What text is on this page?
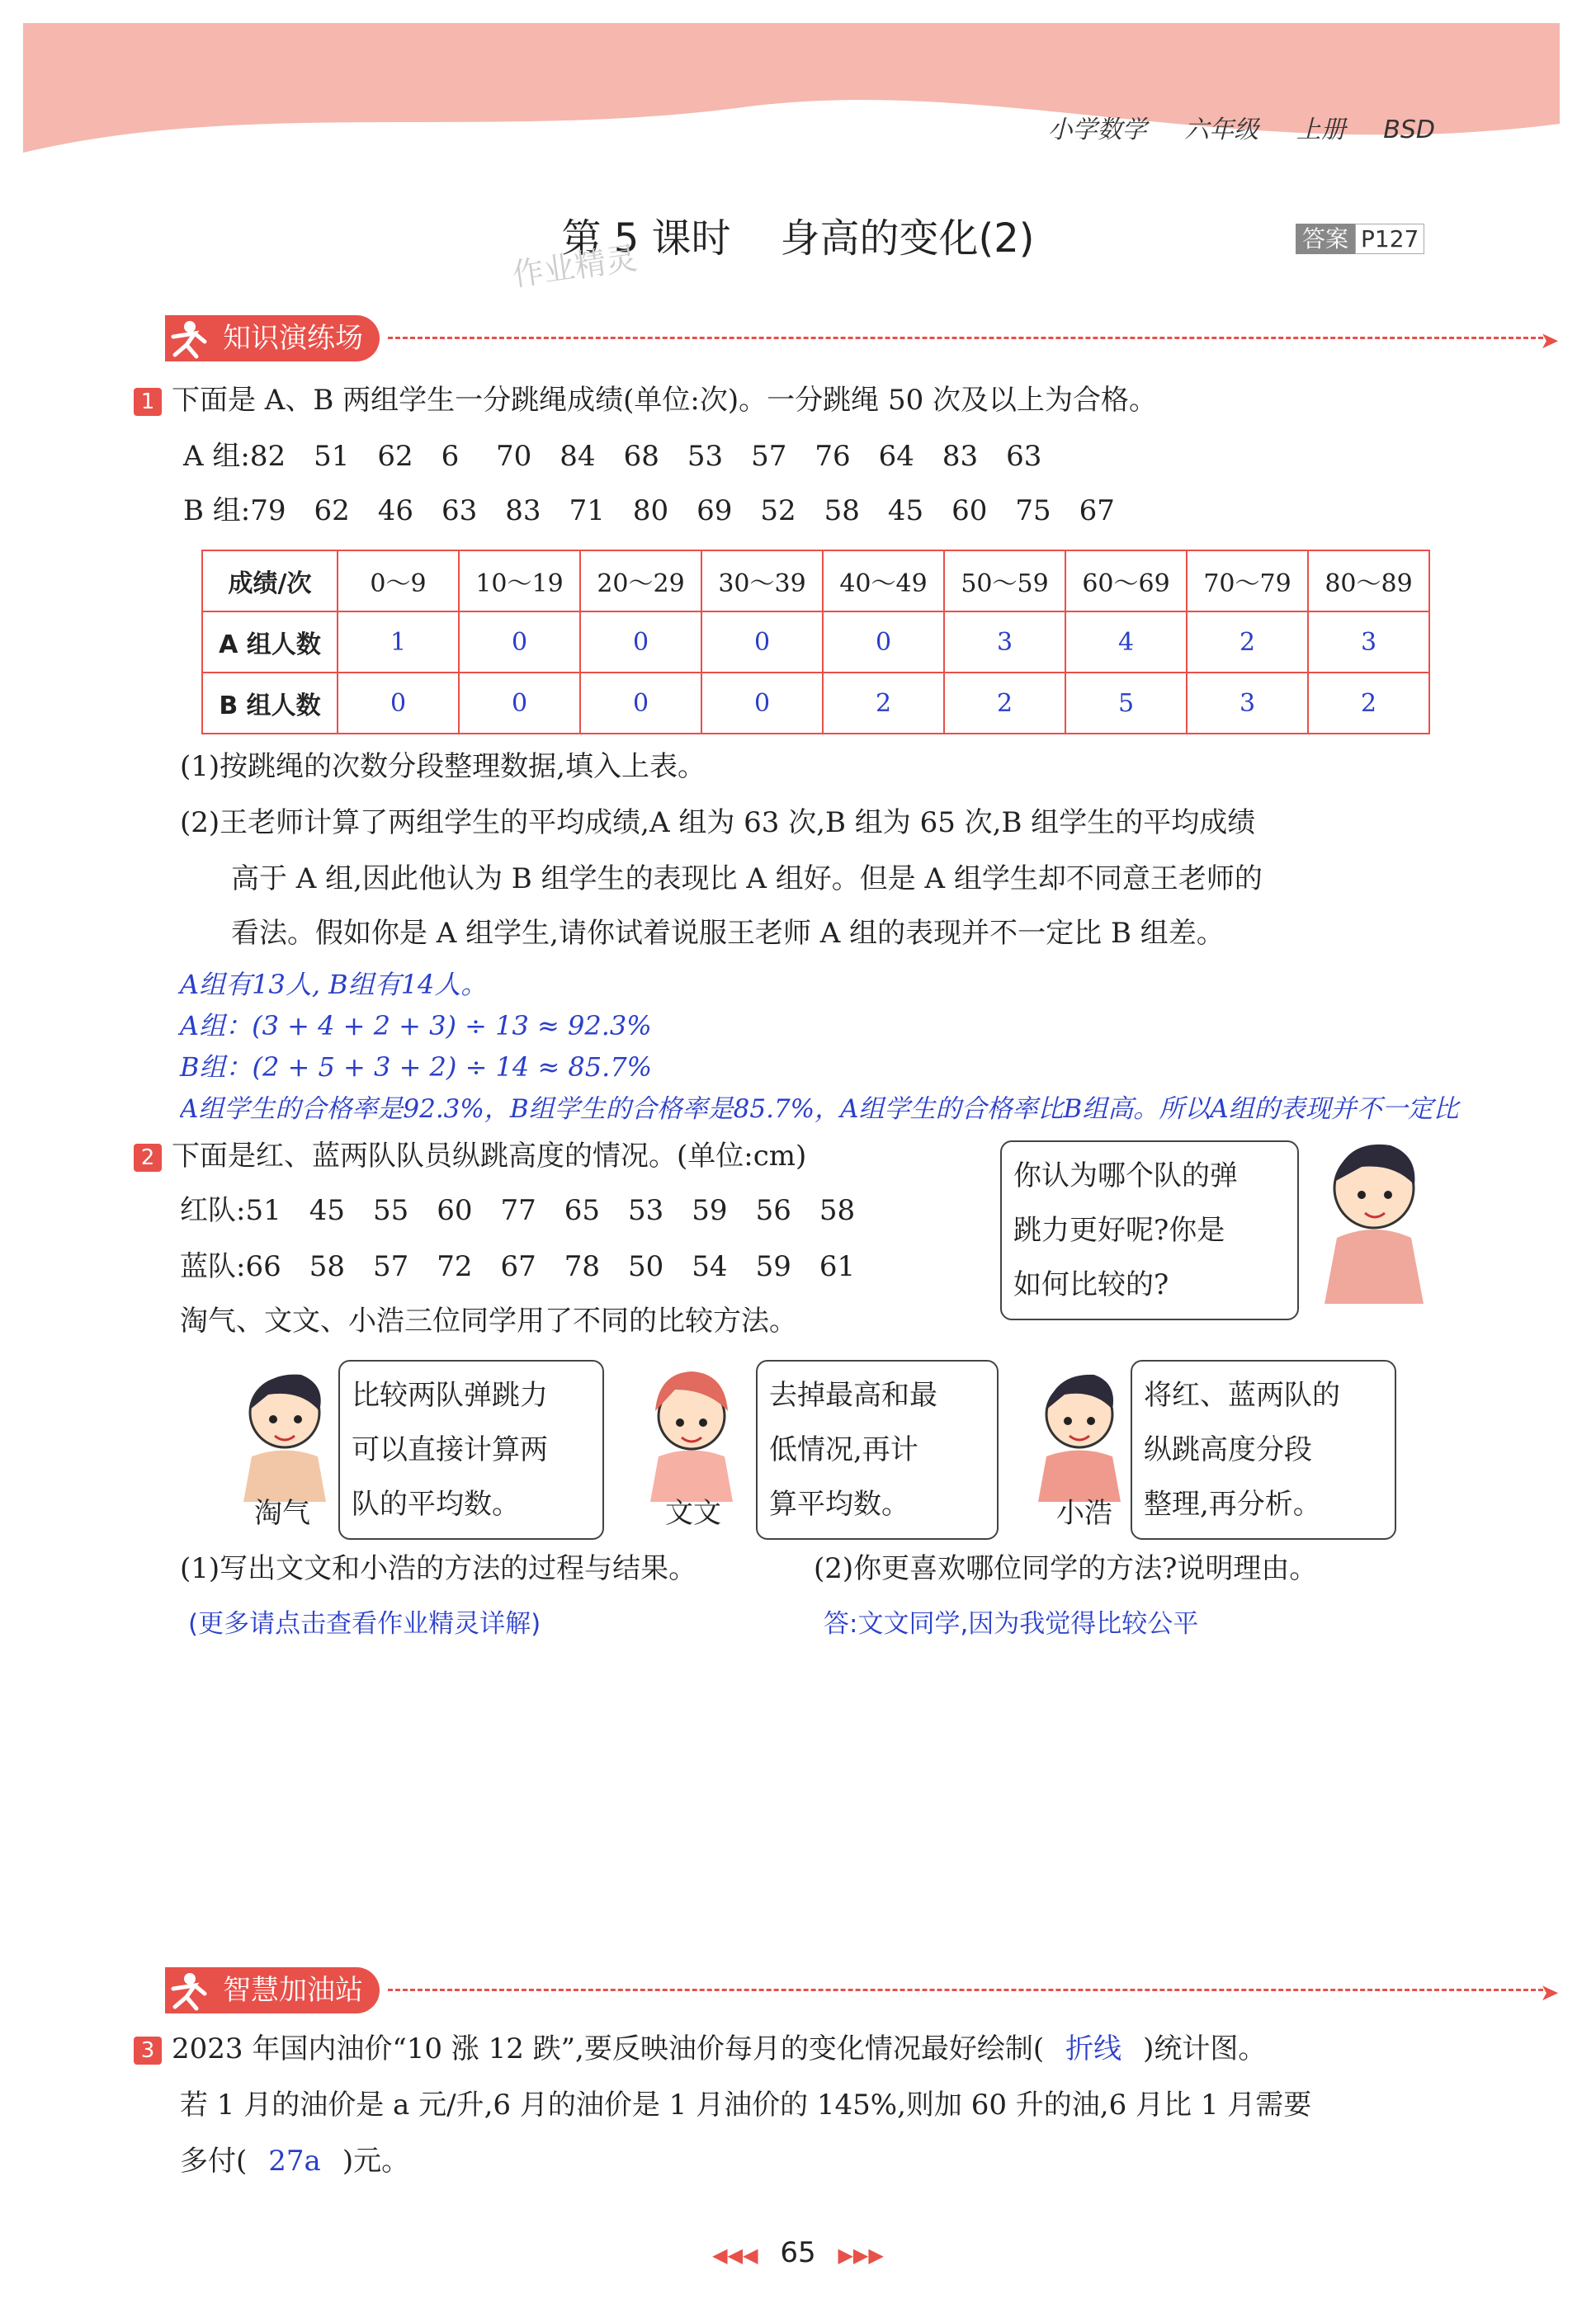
小学数学 六年级 上册 BSD
第 5 课时 身高的变化(2)
作业精灵
答案 P127
知识演练场	➤
1 下面是 A、B 两组学生一分跳绳成绩(单位:次)。一分跳绳 50 次及以上为合格。
A 组:82　51　62　6　 70　84　68　53　57　76　64　83　63
B 组:79　62　46　63　83　71　80　69　52　58　45　60　75　67
成绩/次	0～9	10～19	20～29	30～39	40～49	50～59	60～69	70～79	80～89
A 组人数	1	0	0	0	0	3	4	2	3
B 组人数	0	0	0	0	2	2	5	3	2
(1)按跳绳的次数分段整理数据,填入上表。
(2)王老师计算了两组学生的平均成绩,A 组为 63 次,B 组为 65 次,B 组学生的平均成绩
高于 A 组,因此他认为 B 组学生的表现比 A 组好。但是 A 组学生却不同意王老师的
看法。假如你是 A 组学生,请你试着说服王老师 A 组的表现并不一定比 B 组差。
A组有13人, B组有14人。
A组：(3 + 4 + 2 + 3) ÷ 13 ≈ 92.3%
B组：(2 + 5 + 3 + 2) ÷ 14 ≈ 85.7%
A组学生的合格率是92.3%，B组学生的合格率是85.7%，A组学生的合格率比B组高。所以A组的表现并不一定比
2 下面是红、蓝两队队员纵跳高度的情况。(单位:cm)
红队:51　45　55　60　77　65　53　59　56　58
蓝队:66　58　57　72　67　78　50　54　59　61
淘气、文文、小浩三位同学用了不同的比较方法。
你认为哪个队的弹
跳力更好呢?你是
如何比较的?
淘气
比较两队弹跳力
可以直接计算两
队的平均数。	文文
去掉最高和最
低情况,再计
算平均数。	小浩
将红、蓝两队的
纵跳高度分段
整理,再分析。
(1)写出文文和小浩的方法的过程与结果。	(2)你更喜欢哪位同学的方法?说明理由。
(更多请点击查看作业精灵详解)	答:文文同学,因为我觉得比较公平
智慧加油站	➤
3 2023 年国内油价“10 涨 12 跌”,要反映油价每月的变化情况最好绘制( 折线 )统计图。
若 1 月的油价是 a 元/升,6 月的油价是 1 月油价的 145%,则加 60 升的油,6 月比 1 月需要
多付( 27a )元。
◀◀◀ 65 ▶▶▶
